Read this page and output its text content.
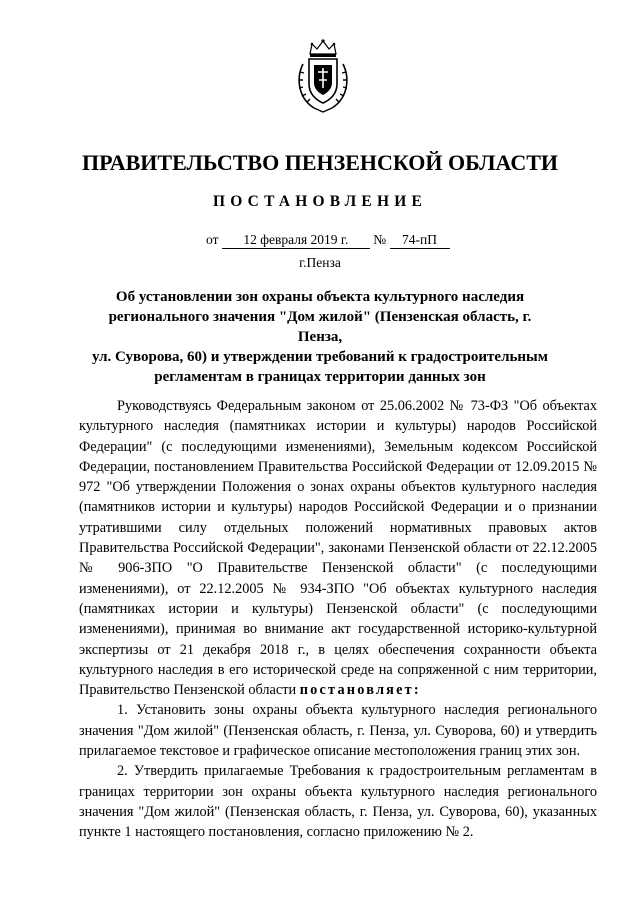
ПРАВИТЕЛЬСТВО ПЕНЗЕНСКОЙ ОБЛАСТИ
ПОСТАНОВЛЕНИЕ
от 12 февраля 2019 г. № 74-пП
г.Пенза
Об установлении зон охраны объекта культурного наследия
регионального значения "Дом жилой" (Пензенская область, г. Пенза,
ул. Суворова, 60) и утверждении требований к градостроительным
регламентам в границах территории данных зон

Руководствуясь Федеральным законом от 25.06.2002 № 73-ФЗ "Об объектах культурного наследия (памятниках истории и культуры) народов Российской Федерации" (с последующими изменениями), Земельным кодексом Российской Федерации, постановлением Правительства Российской Федерации от 12.09.2015 № 972 "Об утверждении Положения о зонах охраны объектов культурного наследия (памятников истории и культуры) народов Российской Федерации и о признании утратившими силу отдельных положений нормативных правовых актов Правительства Российской Федерации", законами Пензенской области от 22.12.2005 № 906-ЗПО "О Правительстве Пензенской области" (с последующими изменениями), от 22.12.2005 № 934-ЗПО "Об объектах культурного наследия (памятниках истории и культуры) Пензенской области" (с последующими изменениями), принимая во внимание акт государственной историко-культурной экспертизы от 21 декабря 2018 г., в целях обеспечения сохранности объекта культурного наследия в его исторической среде на сопряженной с ним территории, Правительство Пензенской области постановляет:

1. Установить зоны охраны объекта культурного наследия регионального значения "Дом жилой" (Пензенская область, г. Пенза, ул. Суворова, 60) и утвердить прилагаемое текстовое и графическое описание местоположения границ этих зон.

2. Утвердить прилагаемые Требования к градостроительным регламентам в границах территории зон охраны объекта культурного наследия регионального значения "Дом жилой" (Пензенская область, г. Пенза, ул. Суворова, 60), указанных пункте 1 настоящего постановления, согласно приложению № 2.
